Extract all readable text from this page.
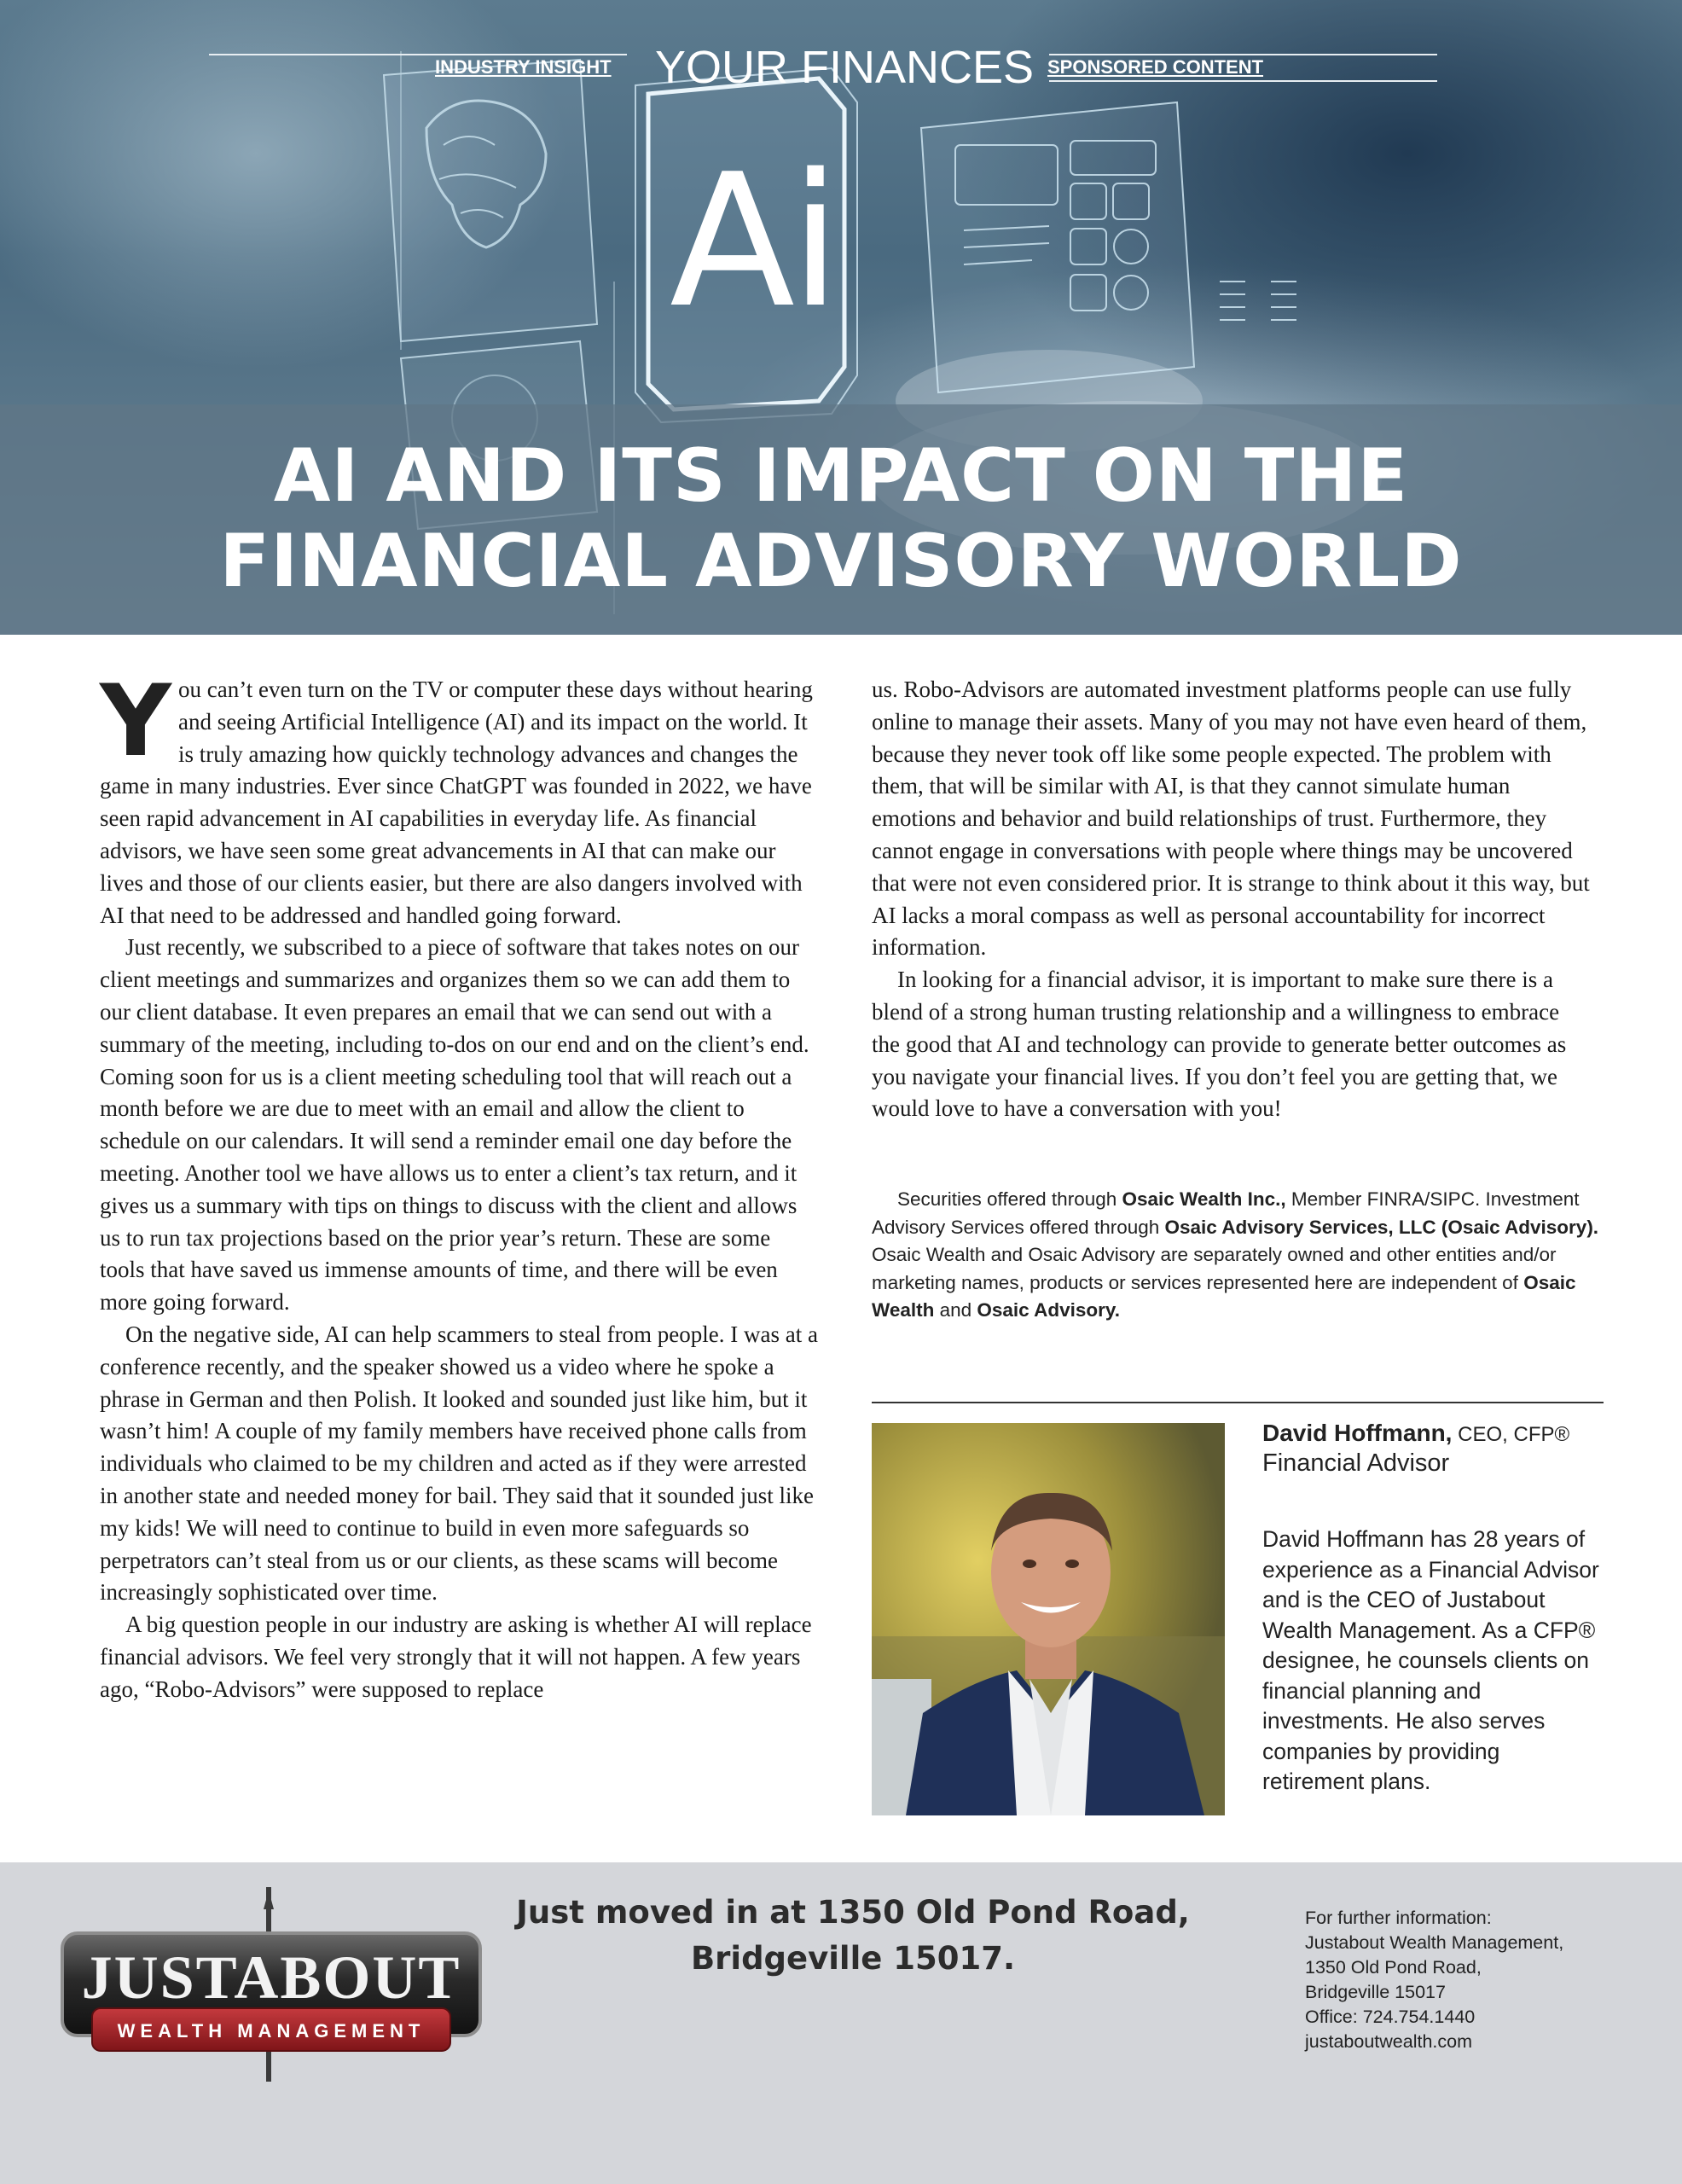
INDUSTRY INSIGHT YOUR FINANCES SPONSORED CONTENT
Ai
AI AND ITS IMPACT ON THE
FINANCIAL ADVISORY WORLD

You can’t even turn on the TV or computer these days without hearing and seeing Artificial Intelligence (AI) and its impact on the world. It is truly amazing how quickly technology advances and changes the game in many industries. Ever since ChatGPT was founded in 2022, we have seen rapid advancement in AI capabilities in everyday life. As financial advisors, we have seen some great advancements in AI that can make our lives and those of our clients easier, but there are also dangers involved with AI that need to be addressed and handled going forward.

Just recently, we subscribed to a piece of software that takes notes on our client meetings and summarizes and organizes them so we can add them to our client database. It even prepares an email that we can send out with a summary of the meeting, including to-dos on our end and on the client’s end. Coming soon for us is a client meeting scheduling tool that will reach out a month before we are due to meet with an email and allow the client to schedule on our calendars. It will send a reminder email one day before the meeting. Another tool we have allows us to enter a client’s tax return, and it gives us a summary with tips on things to discuss with the client and allows us to run tax projections based on the prior year’s return. These are some tools that have saved us immense amounts of time, and there will be even more going forward.

On the negative side, AI can help scammers to steal from people. I was at a conference recently, and the speaker showed us a video where he spoke a phrase in German and then Polish. It looked and sounded just like him, but it wasn’t him! A couple of my family members have received phone calls from individuals who claimed to be my children and acted as if they were arrested in another state and needed money for bail. They said that it sounded just like my kids! We will need to continue to build in even more safeguards so perpetrators can’t steal from us or our clients, as these scams will become increasingly sophisticated over time.

A big question people in our industry are asking is whether AI will replace financial advisors. We feel very strongly that it will not happen. A few years ago, “Robo-Advisors” were supposed to replace

us. Robo-Advisors are automated investment platforms people can use fully online to manage their assets. Many of you may not have even heard of them, because they never took off like some people expected. The problem with them, that will be similar with AI, is that they cannot simulate human emotions and behavior and build relationships of trust. Furthermore, they cannot engage in conversations with people where things may be uncovered that were not even considered prior. It is strange to think about it this way, but AI lacks a moral compass as well as personal accountability for incorrect information.

In looking for a financial advisor, it is important to make sure there is a blend of a strong human trusting relationship and a willingness to embrace the good that AI and technology can provide to generate better outcomes as you navigate your financial lives. If you don’t feel you are getting that, we would love to have a conversation with you!

Securities offered through Osaic Wealth Inc., Member FINRA/SIPC. Investment Advisory Services offered through Osaic Advisory Services, LLC (Osaic Advisory). Osaic Wealth and Osaic Advisory are separately owned and other entities and/or marketing names, products or services represented here are independent of Osaic Wealth and Osaic Advisory.
David Hoffmann, CEO, CFP®
Financial Advisor
David Hoffmann has 28 years of experience as a Financial Advisor and is the CEO of Justabout Wealth Management. As a CFP® designee, he counsels clients on financial planning and investments. He also serves companies by providing retirement plans.
JUSTABOUT
WEALTH MANAGEMENT
Just moved in at 1350 Old Pond Road,
Bridgeville 15017.
For further information:
Justabout Wealth Management,
1350 Old Pond Road,
Bridgeville 15017
Office: 724.754.1440
justaboutwealth.com
